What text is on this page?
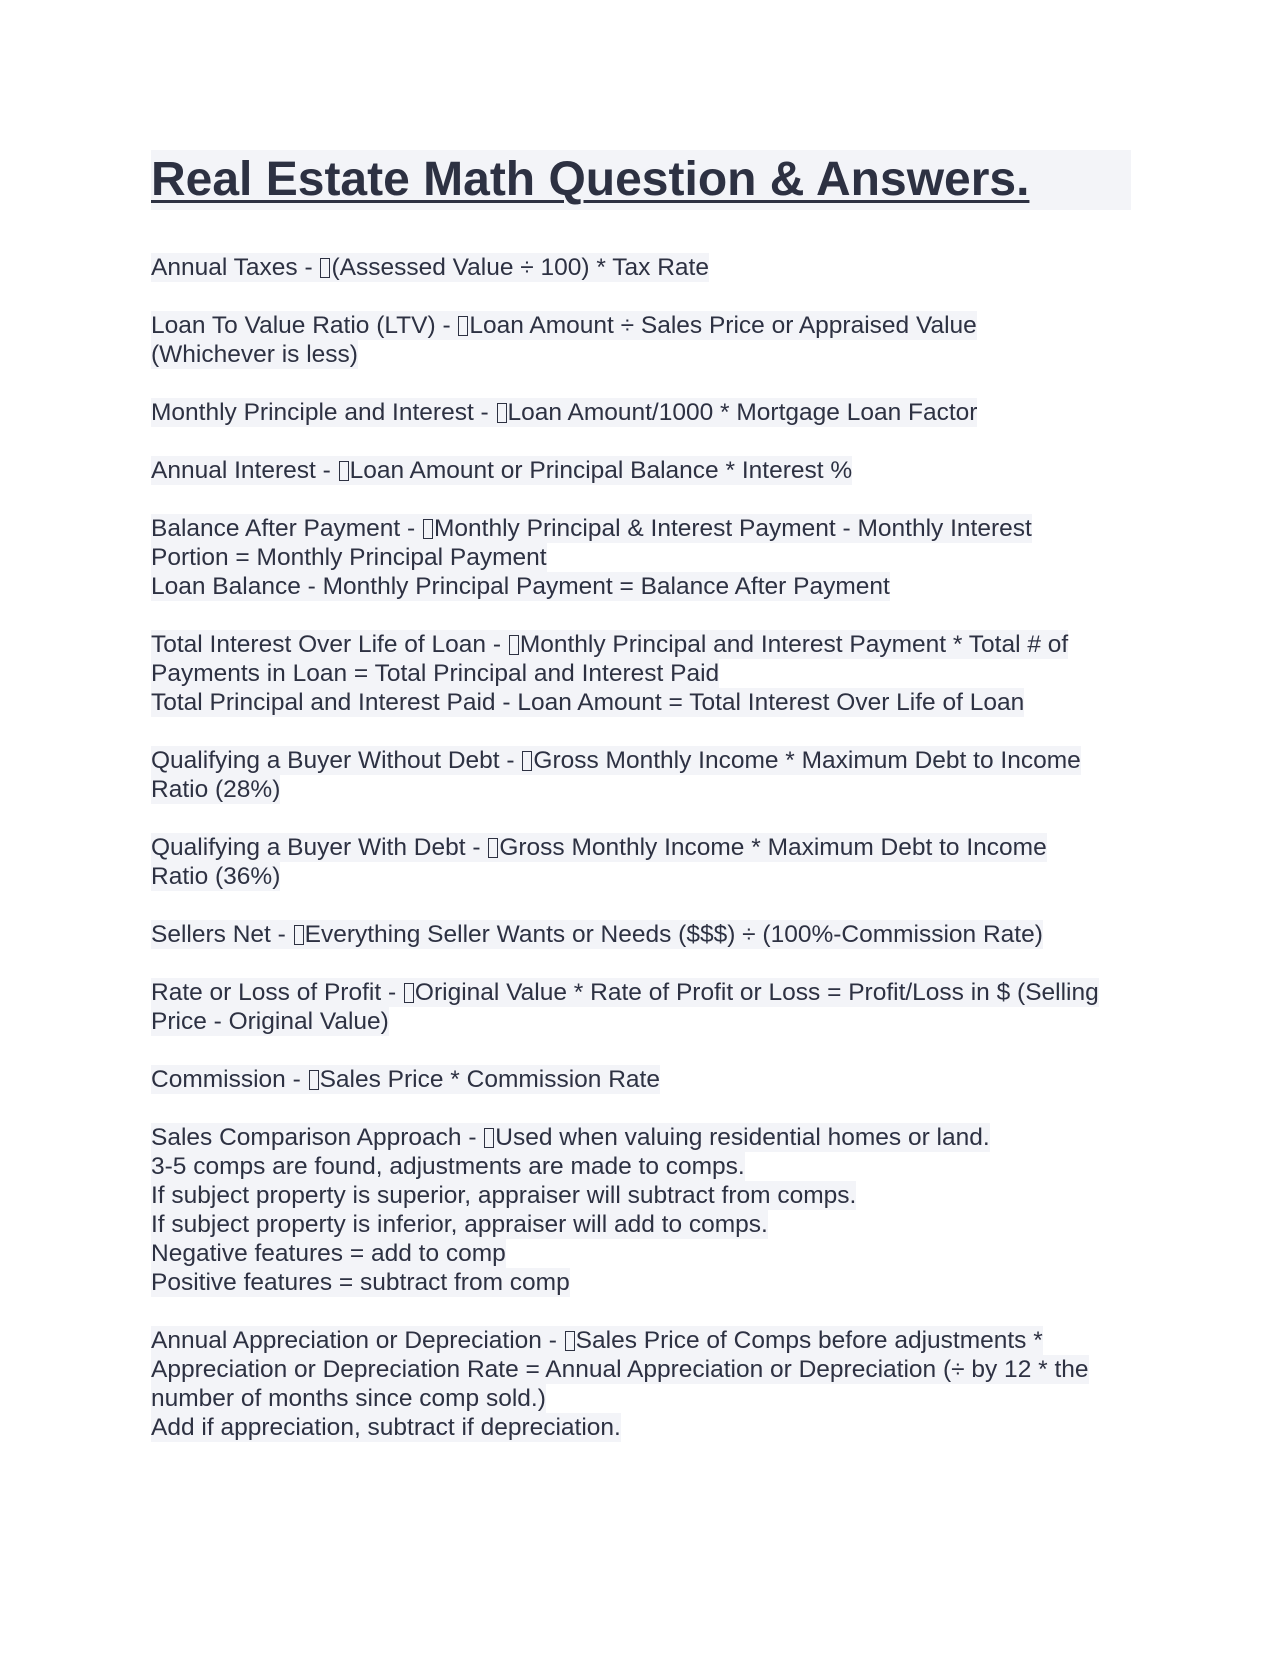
Real Estate Math Question & Answers.
Annual Taxes - (Assessed Value ÷ 100) * Tax Rate
Loan To Value Ratio (LTV) - Loan Amount ÷ Sales Price or Appraised Value
(Whichever is less)
Monthly Principle and Interest - Loan Amount/1000 * Mortgage Loan Factor
Annual Interest - Loan Amount or Principal Balance * Interest %
Balance After Payment - Monthly Principal & Interest Payment - Monthly Interest
Portion = Monthly Principal Payment
Loan Balance - Monthly Principal Payment = Balance After Payment
Total Interest Over Life of Loan - Monthly Principal and Interest Payment * Total # of
Payments in Loan = Total Principal and Interest Paid
Total Principal and Interest Paid - Loan Amount = Total Interest Over Life of Loan
Qualifying a Buyer Without Debt - Gross Monthly Income * Maximum Debt to Income
Ratio (28%)
Qualifying a Buyer With Debt - Gross Monthly Income * Maximum Debt to Income
Ratio (36%)
Sellers Net - Everything Seller Wants or Needs ($$$) ÷ (100%-Commission Rate)
Rate or Loss of Profit - Original Value * Rate of Profit or Loss = Profit/Loss in $ (Selling
Price - Original Value)
Commission - Sales Price * Commission Rate
Sales Comparison Approach - Used when valuing residential homes or land.
3-5 comps are found, adjustments are made to comps.
If subject property is superior, appraiser will subtract from comps.
If subject property is inferior, appraiser will add to comps.
Negative features = add to comp
Positive features = subtract from comp
Annual Appreciation or Depreciation - Sales Price of Comps before adjustments *
Appreciation or Depreciation Rate = Annual Appreciation or Depreciation (÷ by 12 * the
number of months since comp sold.)
Add if appreciation, subtract if depreciation.
